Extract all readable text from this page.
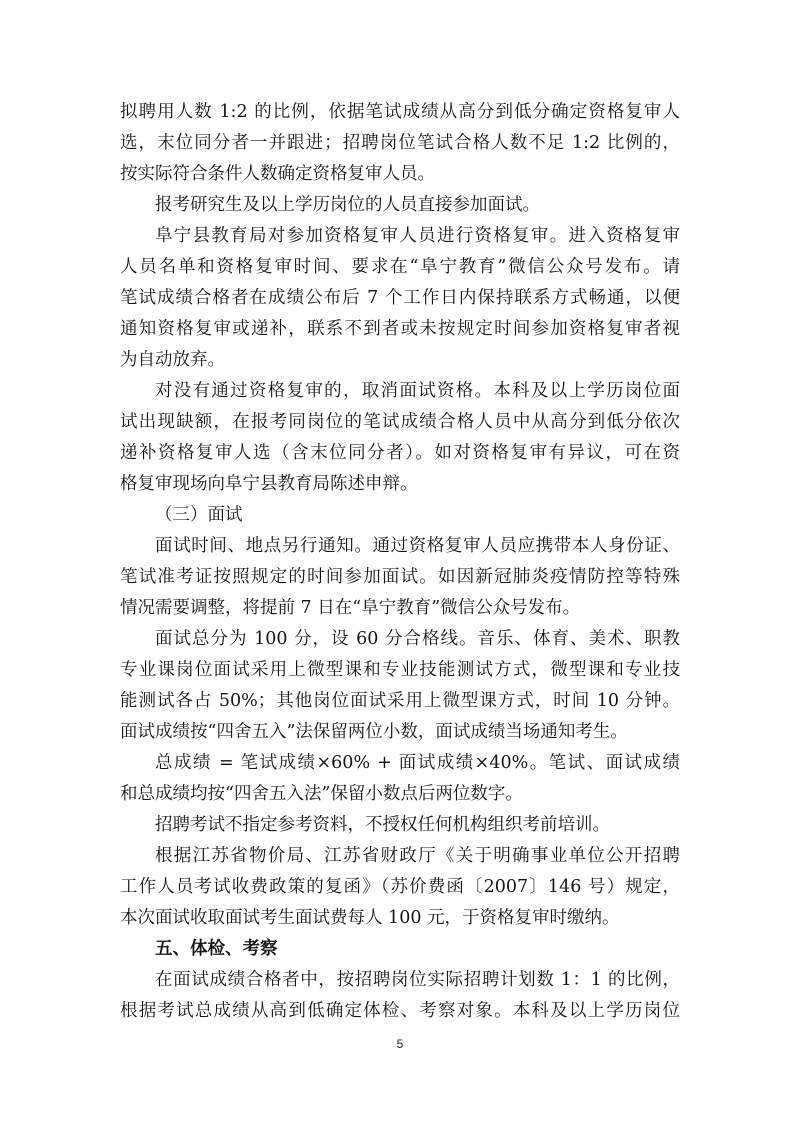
拟聘用人数 1:2 的比例，依据笔试成绩从高分到低分确定资格复审人
选，末位同分者一并跟进；招聘岗位笔试合格人数不足 1:2 比例的，
按实际符合条件人数确定资格复审人员。
报考研究生及以上学历岗位的人员直接参加面试。
阜宁县教育局对参加资格复审人员进行资格复审。进入资格复审
人员名单和资格复审时间、要求在“阜宁教育”微信公众号发布。请
笔试成绩合格者在成绩公布后 7 个工作日内保持联系方式畅通，以便
通知资格复审或递补，联系不到者或未按规定时间参加资格复审者视
为自动放弃。
对没有通过资格复审的，取消面试资格。本科及以上学历岗位面
试出现缺额，在报考同岗位的笔试成绩合格人员中从高分到低分依次
递补资格复审人选（含末位同分者）。如对资格复审有异议，可在资
格复审现场向阜宁县教育局陈述申辩。
（三）面试
面试时间、地点另行通知。通过资格复审人员应携带本人身份证、
笔试准考证按照规定的时间参加面试。如因新冠肺炎疫情防控等特殊
情况需要调整，将提前 7 日在“阜宁教育”微信公众号发布。
面试总分为 100 分，设 60 分合格线。音乐、体育、美术、职教
专业课岗位面试采用上微型课和专业技能测试方式，微型课和专业技
能测试各占 50%；其他岗位面试采用上微型课方式，时间 10 分钟。
面试成绩按“四舍五入”法保留两位小数，面试成绩当场通知考生。
总成绩 = 笔试成绩×60% + 面试成绩×40%。笔试、面试成绩
和总成绩均按“四舍五入法”保留小数点后两位数字。
招聘考试不指定参考资料，不授权任何机构组织考前培训。
根据江苏省物价局、江苏省财政厅《关于明确事业单位公开招聘
工作人员考试收费政策的复函》（苏价费函〔2007〕146 号）规定，
本次面试收取面试考生面试费每人 100 元，于资格复审时缴纳。
五、体检、考察
在面试成绩合格者中，按招聘岗位实际招聘计划数 1：1 的比例，
根据考试总成绩从高到低确定体检、考察对象。本科及以上学历岗位
5
